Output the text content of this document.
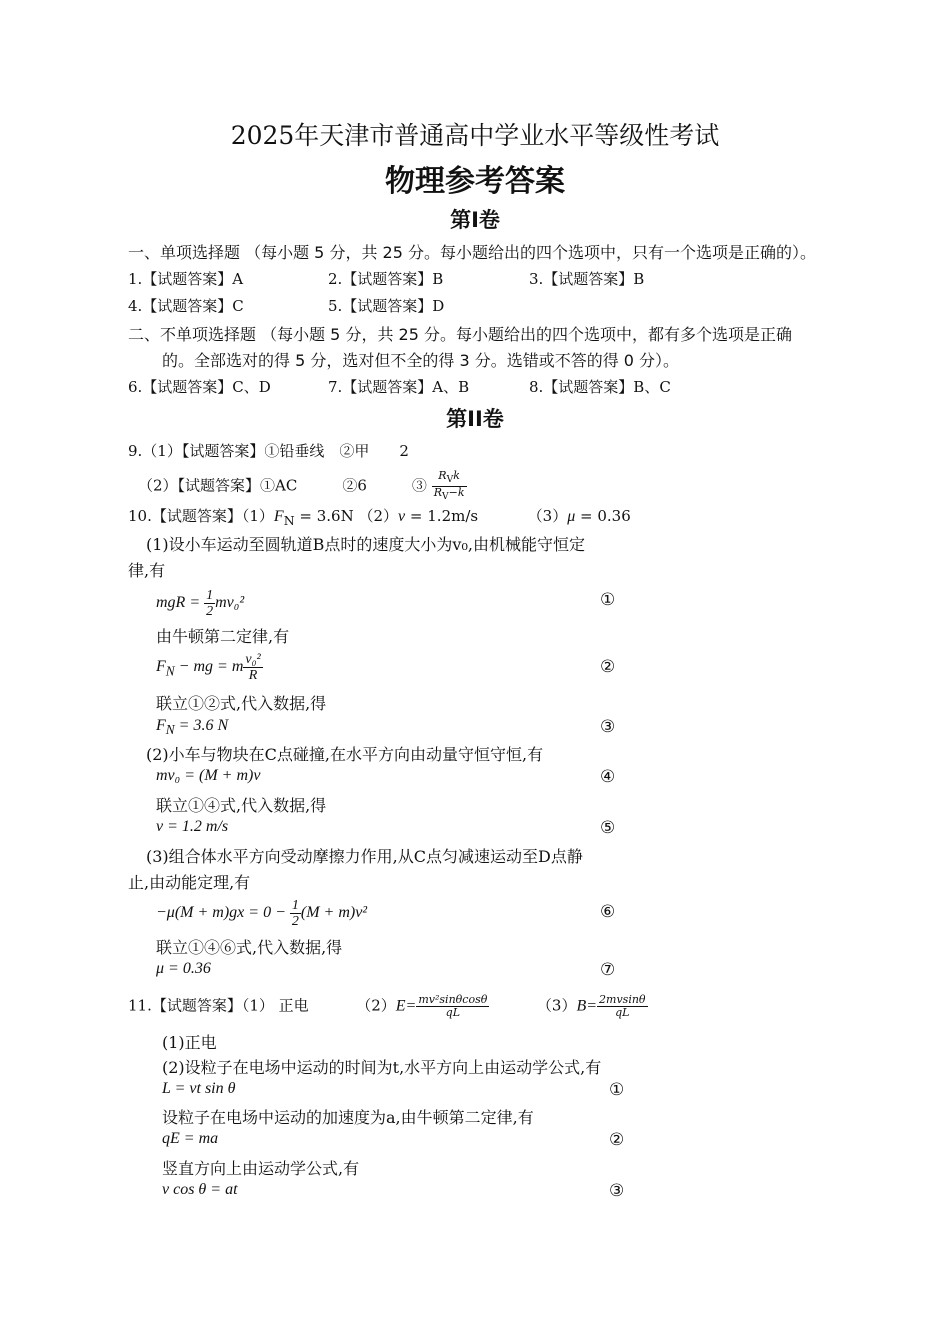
2025年天津市普通高中学业水平等级性考试
物理参考答案
第I卷
一、单项选择题 （每小题 5 分，共 25 分。每小题给出的四个选项中，只有一个选项是正确的）。
1.【试题答案】A	2.【试题答案】B	3.【试题答案】B
4.【试题答案】C	5.【试题答案】D
二、不单项选择题 （每小题 5 分，共 25 分。每小题给出的四个选项中，都有多个选项是正确
的。全部选对的得 5 分，选对但不全的得 3 分。选错或不答的得 0 分）。
6.【试题答案】C、D	7.【试题答案】A、B	8.【试题答案】B、C
第II卷
9.（1）【试题答案】①铅垂线　②甲　　2
（2）【试题答案】①AC　　　②6　　　③ $\frac{R_Vk}{R_V-k}$
10.【试题答案】$(1)F_N = 3.6N$ （2）v = 1.2m/s	（3）μ = 0.36
(1)设小车运动至圆轨道B点时的速度大小为v₀,由机械能守恒定
律,有
mgR = $\frac{1}{2} mv_0^2$	①
由牛顿第二定律,有
$F_N$ − mg = m $\frac{\text{v₀²}}{R}$	②
联立①②式,代入数据,得
$F_N = 3.6$ N	③
(2)小车与物块在C点碰撞,在水平方向由动量守恒守恒,有
mv₀ = (M + m)v	④
联立①④式,代入数据,得
v = 1.2 m/s	⑤
(3)组合体水平方向受动摩擦力作用,从C点匀减速运动至D点静
止,由动能定理,有
$-\mu(M + m)gx = 0 - \frac{1}{2} (M + m)v^2$	⑥
联立①④⑥式,代入数据,得
μ = 0.36	⑦
11.【试题答案】（1） 正电	$(2)E= \frac{\text{mv²sinθcosθ}}{qL}$	$(3)B= \frac{2mvsin\theta}{qL}$
(1)正电
(2)设粒子在电场中运动的时间为t,水平方向上由运动学公式,有
L = vt sin θ	①
设粒子在电场中运动的加速度为a,由牛顿第二定律,有
qE = ma	②
竖直方向上由运动学公式,有
v cos θ = at	③
